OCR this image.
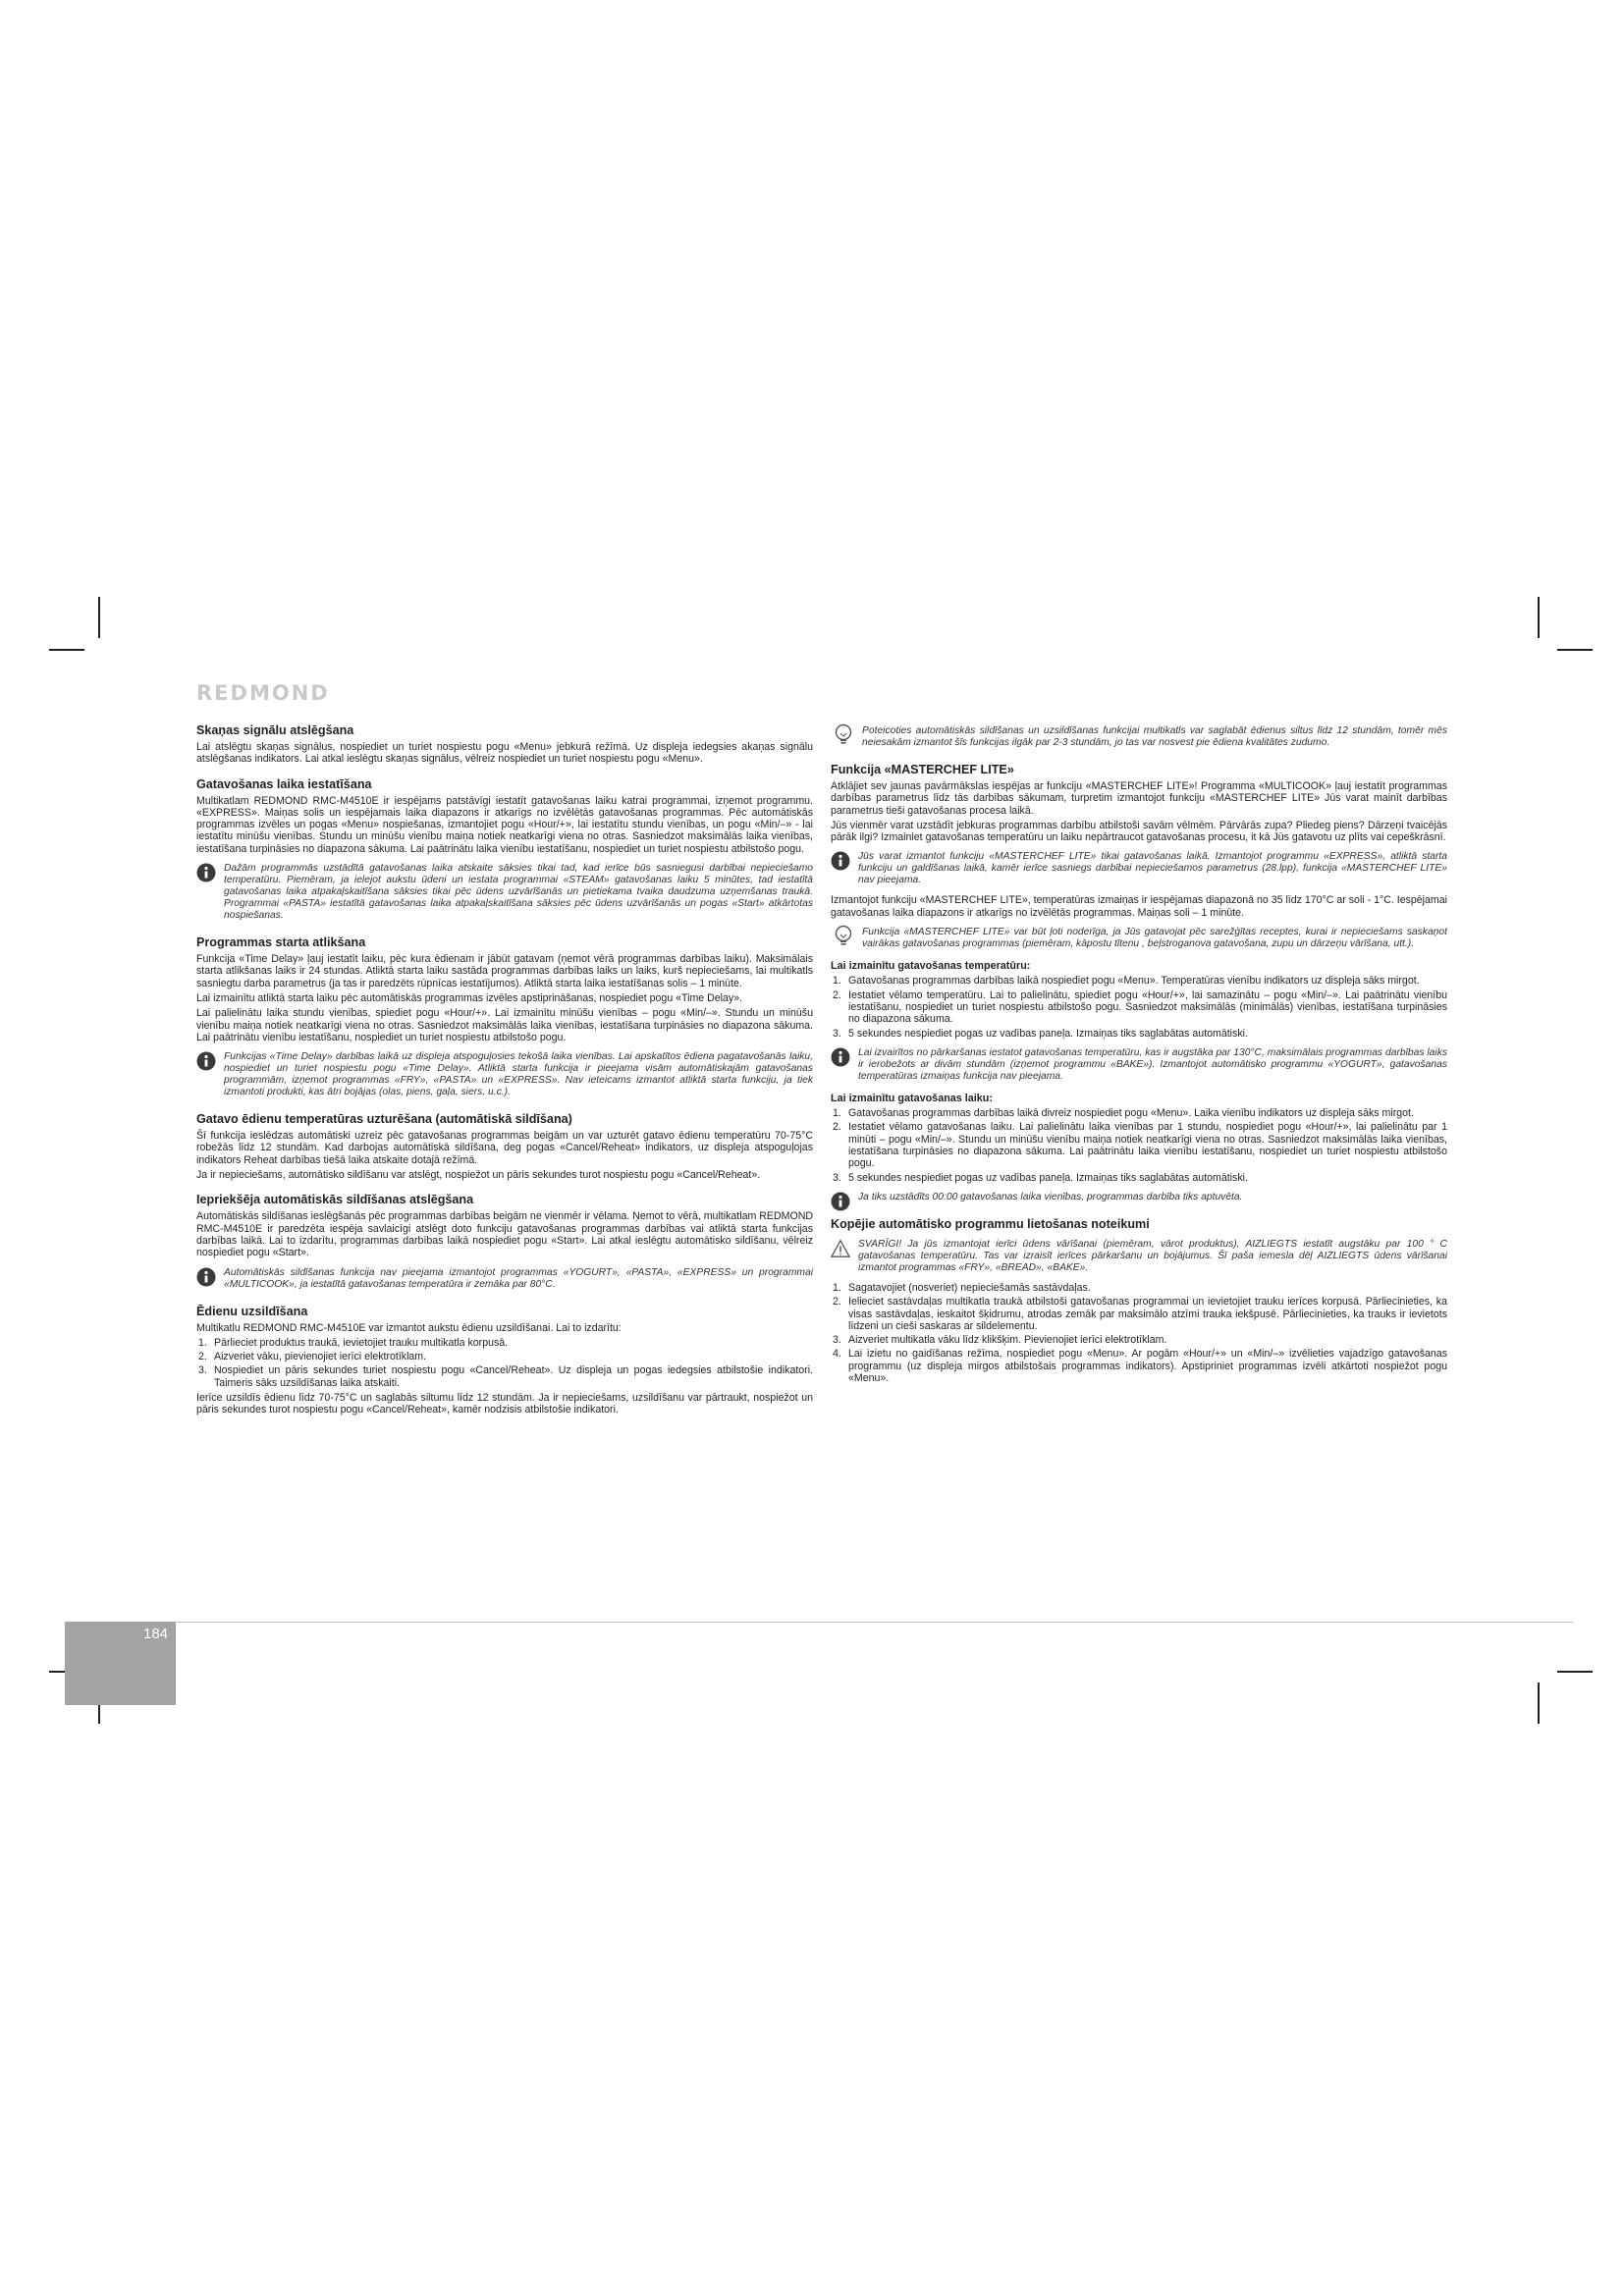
REDMOND
Skaņas signālu atslēgšana

Lai atslēgtu skaņas signālus, nospiediet un turiet nospiestu pogu «Menu» jebkurā režīmā. Uz displeja iedegsies akaņas signālu atslēgšanas indikators. Lai atkal ieslēgtu skaņas signālus, vēlreiz nospiediet un turiet nospiestu pogu «Menu».

Gatavošanas laika iestatīšana

Multikatlam REDMOND RMC-M4510E ir iespējams patstāvīgi iestatīt gatavošanas laiku katrai programmai, izņemot programmu. «EXPRESS». Maiņas solis un iespējamais laika diapazons ir atkarīgs no izvēlētās gatavošanas programmas. Pēc automātiskās programmas izvēles un pogas «Menu» nospiešanas, izmantojiet pogu «Hour/+», lai iestatītu stundu vienības, un pogu «Min/–» - lai iestatītu minūšu vienības. Stundu un minūšu vienību maiņa notiek neatkarīgi viena no otras. Sasniedzot maksimālās laika vienības, iestatīšana turpināsies no diapazona sākuma. Lai paātrinātu laika vienību iestatīšanu, nospiediet un turiet nospiestu atbilstošo pogu.

Dažām programmās uzstādītā gatavošanas laika atskaite sāksies tikai tad, kad ierīce būs sasniegusi darbībai nepieciešamo temperatūru. Piemēram, ja ielejot aukstu ūdeni un iestata programmai «STEAM» gatavošanas laiku 5 minūtes, tad iestatītā gatavošanas laika atpakaļskaitīšana sāksies tikai pēc ūdens uzvārīšanās un pietiekama tvaika daudzuma uzņemšanas traukā. Programmai «PASTA» iestatītā gatavošanas laika atpakaļskaitīšana sāksies pēc ūdens uzvārīšanās un pogas «Start» atkārtotas nospiešanas.
Programmas starta atlikšana

Funkcija «Time Delay» ļauj iestatīt laiku, pēc kura ēdienam ir jābūt gatavam (ņemot vērā programmas darbības laiku). Maksimālais starta atlikšanas laiks ir 24 stundas. Atliktā starta laiku sastāda programmas darbības laiks un laiks, kurš nepieciešams, lai multikatls sasniegtu darba parametrus (ja tas ir paredzēts rūpnīcas iestatījumos). Atliktā starta laika iestatīšanas solis – 1 minūte.

Lai izmainītu atliktā starta laiku pēc automātiskās programmas izvēles apstiprināšanas, nospiediet pogu «Time Delay».

Lai palielinātu laika stundu vienības, spiediet pogu «Hour/+». Lai izmainītu minūšu vienības – pogu «Min/–». Stundu un minūšu vienību maiņa notiek neatkarīgi viena no otras. Sasniedzot maksimālās laika vienības, iestatīšana turpināsies no diapazona sākuma. Lai paātrinātu vienību iestatīšanu, nospiediet un turiet nospiestu atbilstošo pogu.

Funkcijas «Time Delay» darbības laikā uz displeja atspoguļosies tekošā laika vienības. Lai apskatītos ēdiena pagatavošanās laiku, nospiediet un turiet nospiestu pogu «Time Delay». Atliktā starta funkcija ir pieejama visām automātiskajām gatavošanas programmām, izņemot programmas «FRY», «PASTA» un «EXPRESS». Nav ieteicams izmantot atliktā starta funkciju, ja tiek izmantoti produkti, kas ātri bojājas (olas, piens, gaļa, siers, u.c.).
Gatavo ēdienu temperatūras uzturēšana (automātiskā sildīšana)

Šī funkcija ieslēdzas automātiski uzreiz pēc gatavošanas programmas beigām un var uzturēt gatavo ēdienu temperatūru 70-75°C robežās līdz 12 stundām. Kad darbojas automātiskā sildīšana, deg pogas «Cancel/Reheat» indikators, uz displeja atspoguļojas indikators Reheat darbības tiešā laika atskaite dotajā režīmā.

Ja ir nepieciešams, automātisko sildīšanu var atslēgt, nospiežot un pāris sekundes turot nospiestu pogu «Cancel/Reheat».

Iepriekšēja automātiskās sildīšanas atslēgšana

Automātiskās sildīšanas ieslēgšanās pēc programmas darbības beigām ne vienmēr ir vēlama. Ņemot to vērā, multikatlam REDMOND RMC-M4510E ir paredzēta iespēja savlaicīgi atslēgt doto funkciju gatavošanas programmas darbības vai atliktā starta funkcijas darbības laikā. Lai to izdarītu, programmas darbības laikā nospiediet pogu «Start». Lai atkal ieslēgtu automātisko sildīšanu, vēlreiz nospiediet pogu «Start».

Automātiskās sildīšanas funkcija nav pieejama izmantojot programmas «YOGURT», «PASTA», «EXPRESS» un programmai «MULTICOOK», ja iestatītā gatavošanas temperatūra ir zemāka par 80°C.
Ēdienu uzsildīšana

Multikatlu REDMOND RMC-M4510E var izmantot aukstu ēdienu uzsildīšanai. Lai to izdarītu:

1. Pārlieciet produktus traukā, ievietojiet trauku multikatla korpusā.
2. Aizveriet vāku, pievienojiet ierīci elektrotīklam.
3. Nospiediet un pāris sekundes turiet nospiestu pogu «Cancel/Reheat». Uz displeja un pogas iedegsies atbilstošie indikatori. Taimeris sāks uzsildīšanas laika atskaiti.

Ierīce uzsildīs ēdienu līdz 70-75°C un saglabās siltumu līdz 12 stundām. Ja ir nepieciešams, uzsildīšanu var pārtraukt, nospiežot un pāris sekundes turot nospiestu pogu «Cancel/Reheat», kamēr nodzisis atbilstošie indikatori.

Poteicoties automātiskās sildīšanas un uzsildīšanas funkcijai multikatls var saglabāt ēdienus siltus līdz 12 stundām, tomēr mēs neiesakām izmantot šīs funkcijas ilgāk par 2-3 stundām, jo tas var nosvest pie ēdiena kvalitātes zudumo.
Funkcija «MASTERCHEF LITE»

Atklājiet sev jaunas pavārmākslas iespējas ar funkciju «MASTERCHEF LITE»! Programma «MULTICOOK» ļauj iestatīt programmas darbības parametrus līdz tās darbības sākumam, turpretim izmantojot funkciju «MASTERCHEF LITE» Jūs varat mainīt darbības parametrus tieši gatavošanas procesa laikā.

Jūs vienmēr varat uzstādīt jebkuras programmas darbību atbilstoši savām vēlmēm. Pārvārās zupa? Pliedeg piens? Dārzeņi tvaicējās pārāk ilgi? Izmainiet gatavošanas temperatūru un laiku nepārtraucot gatavošanas procesu, it kā Jūs gatavotu uz plīts vai cepeškrāsnī.

Jūs varat izmantot funkciju «MASTERCHEF LITE» tikai gatavošanas laikā. Izmantojot programmu «EXPRESS», atliktā starta funkciju un galdīšanas laikā, kamēr ierīce sasniegs darbībai nepieciešamos parametrus (28.lpp), funkcija «MASTERCHEF LITE» nav pieejama.

Izmantojot funkciju «MASTERCHEF LITE», temperatūras izmaiņas ir iespējamas diapazonā no 35 līdz 170°C ar soli - 1°C. Iespējamai gatavošanas laika diapazons ir atkarīgs no izvēlētās programmas. Maiņas soli – 1 minūte.

Funkcija «MASTERCHEF LITE» var būt ļoti noderīga, ja Jūs gatavojat pēc sarežģītas receptes, kurai ir nepieciešams saskaņot vairākas gatavošanas programmas (piemēram, kāpostu tītenu , beļstroganova gatavošana, zupu un dārzeņu vārīšana, utt.).
Lai izmainītu gatavošanas temperatūru:
1. Gatavošanas programmas darbības laikā nospiediet pogu «Menu». Temperatūras vienību indikators uz displeja sāks mirgot.
2. Iestatiet vēlamo temperatūru. Lai to palielinātu, spiediet pogu «Hour/+», lai samazinātu – pogu «Min/–». Lai paātrinātu vienību iestatīšanu, nospiediet un turiet nospiestu atbilstošo pogu. Sasniedzot maksimālās (minimālās) vienības, iestatīšana turpināsies no diapazona sākuma.
3. 5 sekundes nespiediet pogas uz vadības paneļa. Izmaiņas tiks saglabātas automātiski.
Lai izvairītos no pārkaršanas iestatot gatavošanas temperatūru, kas ir augstāka par 130°C, maksimālais programmas darbības laiks ir ierobežots ar divām stundām (izņemot programmu «BAKE»). Izmantojot automātisko programmu «YOGURT», gatavošanas temperatūras izmaiņas funkcija nav pieejama.
Lai izmainītu gatavošanas laiku:
1. Gatavošanas programmas darbības laikā divreiz nospiediet pogu «Menu». Laika vienību indikators uz displeja sāks mirgot.
2. Iestatiet vēlamo gatavošanas laiku. Lai palielinātu laika vienības par 1 stundu, nospiediet pogu «Hour/+», lai palielinātu par 1 minūti – pogu «Min/–». Stundu un minūšu vienību maiņa notiek neatkarīgi viena no otras. Sasniedzot maksimālās laika vienības, iestatīšana turpināsies no diapazona sākuma. Lai paātrinātu laika vienību iestatīšanu, nospiediet un turiet nospiestu atbilstošo pogu.
3. 5 sekundes nespiediet pogas uz vadības paneļa. Izmaiņas tiks saglabātas automātiski.
Ja tiks uzstādīts 00:00 gatavošanas laika vienības, programmas darbība tiks aptuvēta.
Kopējie automātisko programmu lietošanas noteikumi
SVARĪGI! Ja jūs izmantojat ierīci ūdens vārīšanai (piemēram, vārot produktus), AIZLIEGTS iestatīt augstāku par 100 ° C gatavošanas temperatūru. Tas var izraisīt ierīces pārkaršanu un bojājumus. Šī paša iemesla dēļ AIZLIEGTS ūdens vārīšanai izmantot programmas «FRY», «BREAD», «BAKE».
1. Sagatavojiet (nosveriet) nepieciešamās sastāvdaļas.
2. Ielieciet sastāvdaļas multikatla traukā atbilstoši gatavošanas programmai un ievietojiet trauku ierīces korpusā. Pārliecinieties, ka visas sastāvdaļas, ieskaitot šķidrumu, atrodas zemāk par maksimālo atzīmi trauka iekšpusē. Pārliecinieties, ka trauks ir ievietots līdzeni un cieši saskaras ar sildelementu.
3. Aizveriet multikatla vāku līdz klikšķim. Pievienojiet ierīci elektrotīklam.
4. Lai izietu no gaidīšanas režīma, nospiediet pogu «Menu». Ar pogām «Hour/+» un «Min/–» izvēlieties vajadzīgo gatavošanas programmu (uz displeja mirgos atbilstošais programmas indikators). Apstipriniet programmas izvēli atkārtoti nospiežot pogu «Menu».
184
